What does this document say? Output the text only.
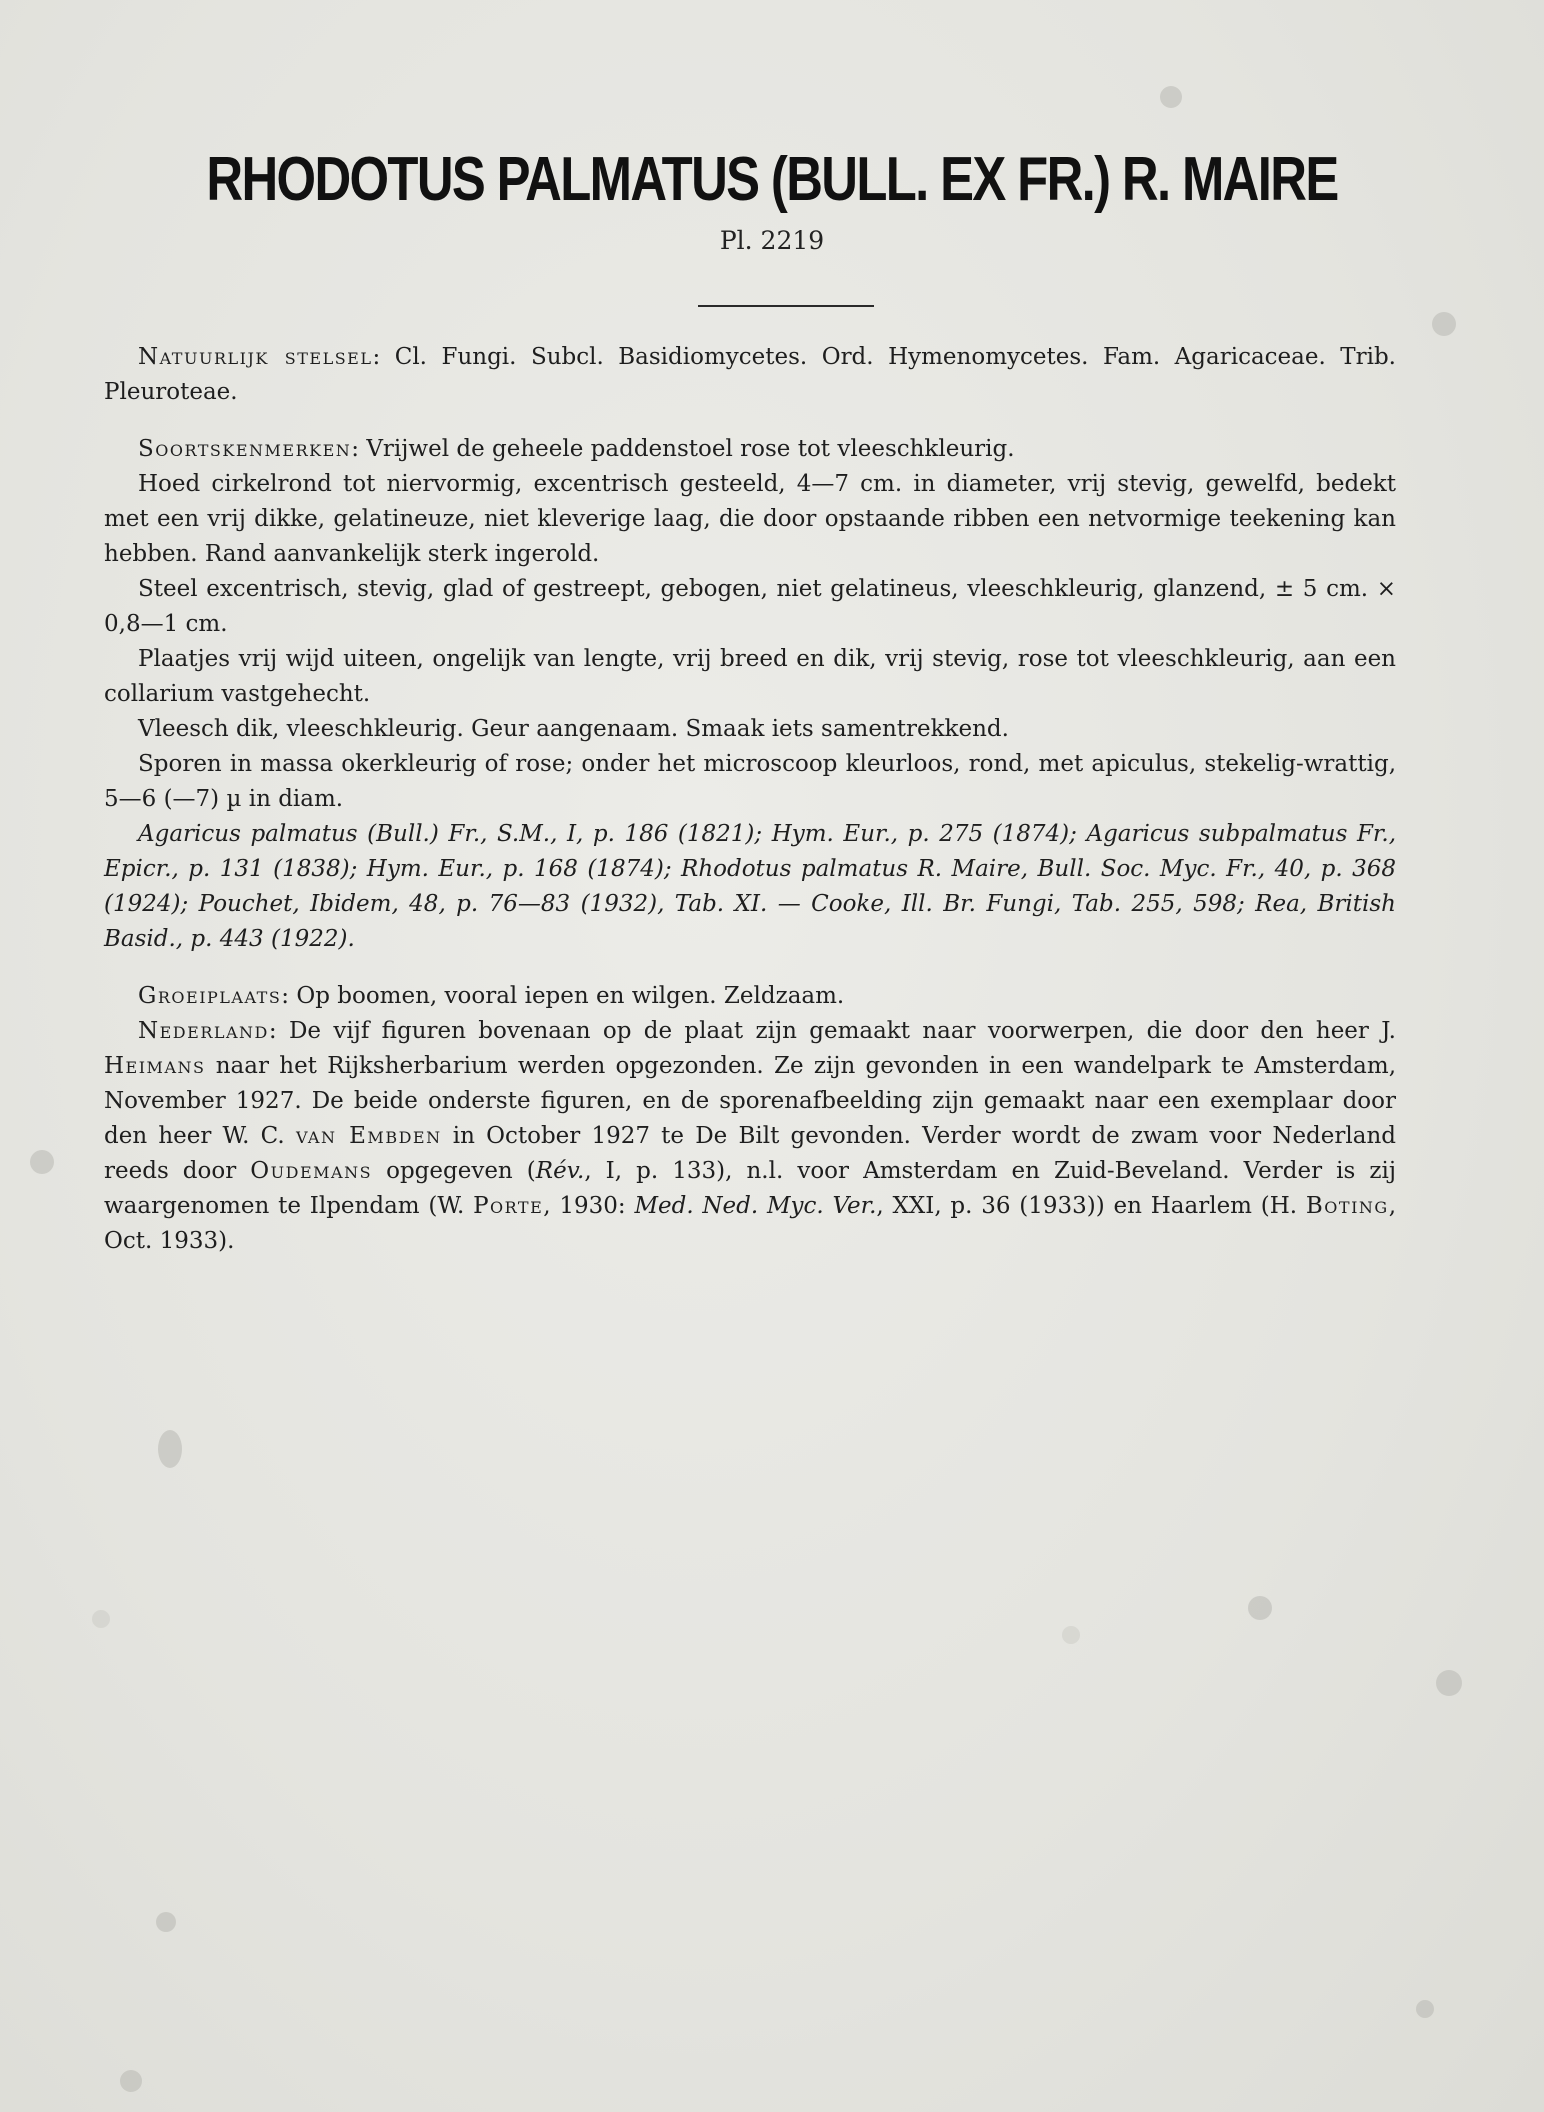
RHODOTUS PALMATUS (BULL. EX FR.) R. MAIRE
Pl. 2219

Natuurlijk stelsel: Cl. Fungi. Subcl. Basidiomycetes. Ord. Hymenomycetes. Fam. Agaricaceae. Trib. Pleuroteae.

Soortskenmerken: Vrijwel de geheele paddenstoel rose tot vleeschkleurig.

Hoed cirkelrond tot niervormig, excentrisch gesteeld, 4—7 cm. in diameter, vrij stevig, gewelfd, bedekt met een vrij dikke, gelatineuze, niet kleverige laag, die door opstaande ribben een netvormige teekening kan hebben. Rand aanvankelijk sterk ingerold.

Steel excentrisch, stevig, glad of gestreept, gebogen, niet gelatineus, vleeschkleurig, glanzend, ± 5 cm. × 0,8—1 cm.

Plaatjes vrij wijd uiteen, ongelijk van lengte, vrij breed en dik, vrij stevig, rose tot vleeschkleurig, aan een collarium vastgehecht.

Vleesch dik, vleeschkleurig. Geur aangenaam. Smaak iets samentrekkend.

Sporen in massa okerkleurig of rose; onder het microscoop kleurloos, rond, met apiculus, stekelig-wrattig, 5—6 (—7) µ in diam.

Agaricus palmatus (Bull.) Fr., S.M., I, p. 186 (1821); Hym. Eur., p. 275 (1874); Agaricus subpalmatus Fr., Epicr., p. 131 (1838); Hym. Eur., p. 168 (1874); Rhodotus palmatus R. Maire, Bull. Soc. Myc. Fr., 40, p. 368 (1924); Pouchet, Ibidem, 48, p. 76—83 (1932), Tab. XI. — Cooke, Ill. Br. Fungi, Tab. 255, 598; Rea, British Basid., p. 443 (1922).

Groeiplaats: Op boomen, vooral iepen en wilgen. Zeldzaam.

Nederland: De vijf figuren bovenaan op de plaat zijn gemaakt naar voorwerpen, die door den heer J. Heimans naar het Rijksherbarium werden opgezonden. Ze zijn gevonden in een wandelpark te Amsterdam, November 1927. De beide onderste figuren, en de sporenafbeelding zijn gemaakt naar een exemplaar door den heer W. C. van Embden in October 1927 te De Bilt gevonden. Verder wordt de zwam voor Nederland reeds door Oudemans opgegeven (Rév., I, p. 133), n.l. voor Amsterdam en Zuid-Beveland. Verder is zij waargenomen te Ilpendam (W. Porte, 1930: Med. Ned. Myc. Ver., XXI, p. 36 (1933)) en Haarlem (H. Boting, Oct. 1933).
